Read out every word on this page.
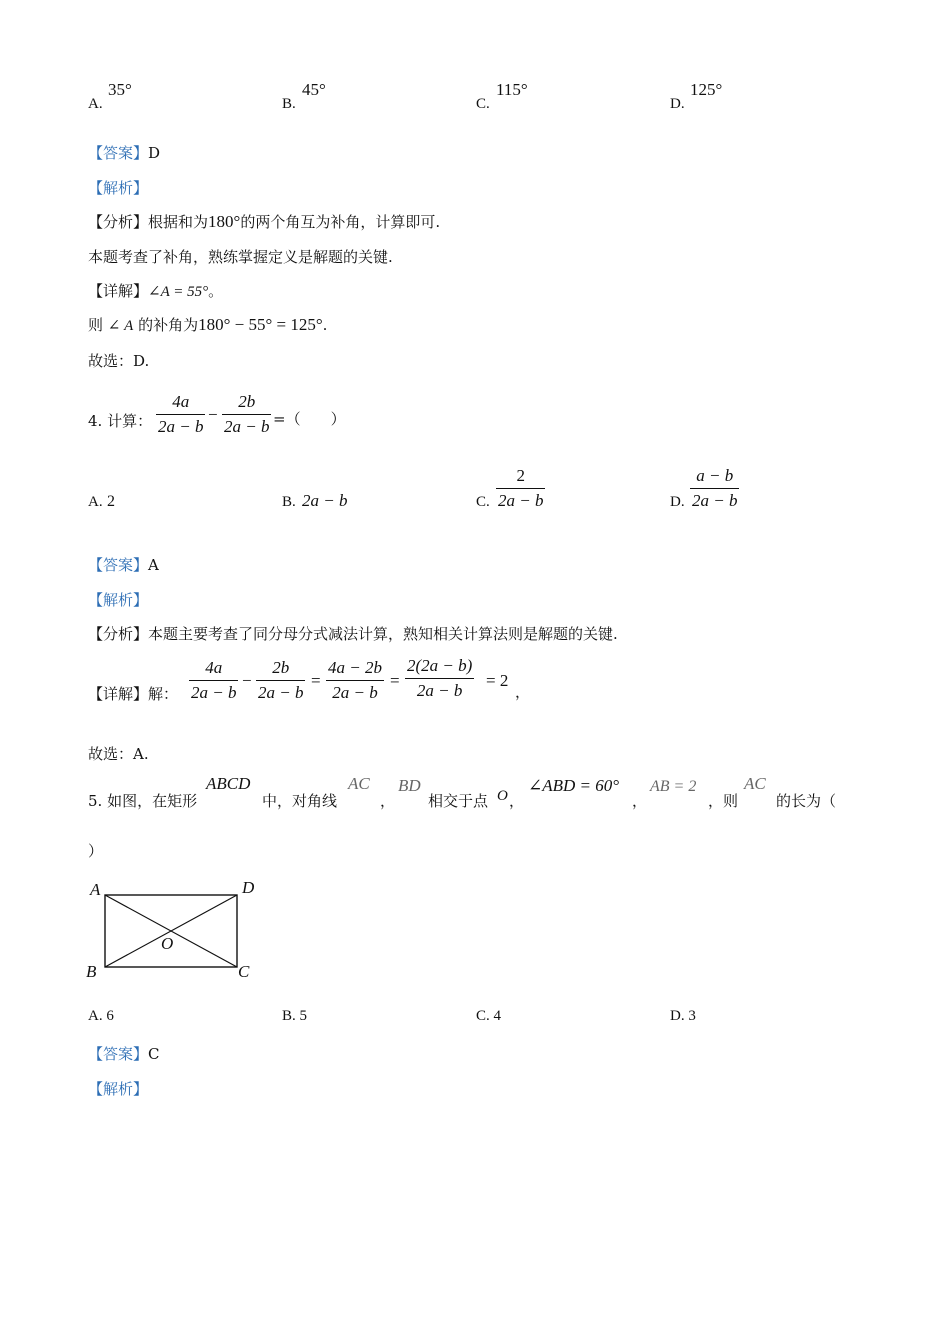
A.
35°
B.
45°
C.
115°
D.
125°
【答案】D
【解析】
【分析】根据和为180°的两个角互为补角，计算即可.
本题考查了补角，熟练掌握定义是解题的关键.
【详解】∠A = 55°。
则 ∠ A 的补角为180° − 55° = 125°.
故选：D.
4. 计算：
4a
2a − b
−
2b
2a − b =（　　）
A. 2	B. 2a − b	C.
2
2a − b	D.
a − b
2a − b
【答案】A
【解析】
【分析】本题主要考查了同分母分式减法计算，熟知相关计算法则是解题的关键.
【详解】 解：
4a
2a − b
−
2b
2a − b
=
4a − 2b
2a − b
=
2(2a − b)
2a − b
= 2
，
故选：A.
5. 如图，在矩形
ABCD
中，对角线
AC
，
BD
相交于点 O ，
∠ABD = 60°
，
AB = 2
，则
AC
的长为（
）
A	D
B	C
O
A. 6	B. 5	C. 4	D. 3
【答案】C
【解析】
